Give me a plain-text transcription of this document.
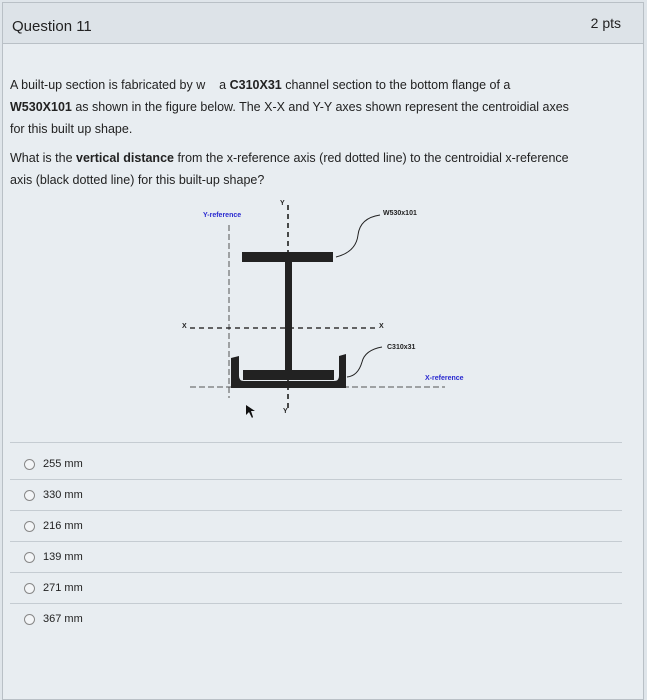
Question 11	2 pts
A built-up section is fabricated by w a C310X31 channel section to the bottom flange of a
W530X101 as shown in the figure below. The X-X and Y-Y axes shown represent the centroidial axes
for this built up shape.
What is the vertical distance from the x-reference axis (red dotted line) to the centroidial x-reference
axis (black dotted line) for this built-up shape?
Y-reference
X-reference
W530x101
C310x31
Y
Y
X	X
255 mm
330 mm
216 mm
139 mm
271 mm
367 mm
